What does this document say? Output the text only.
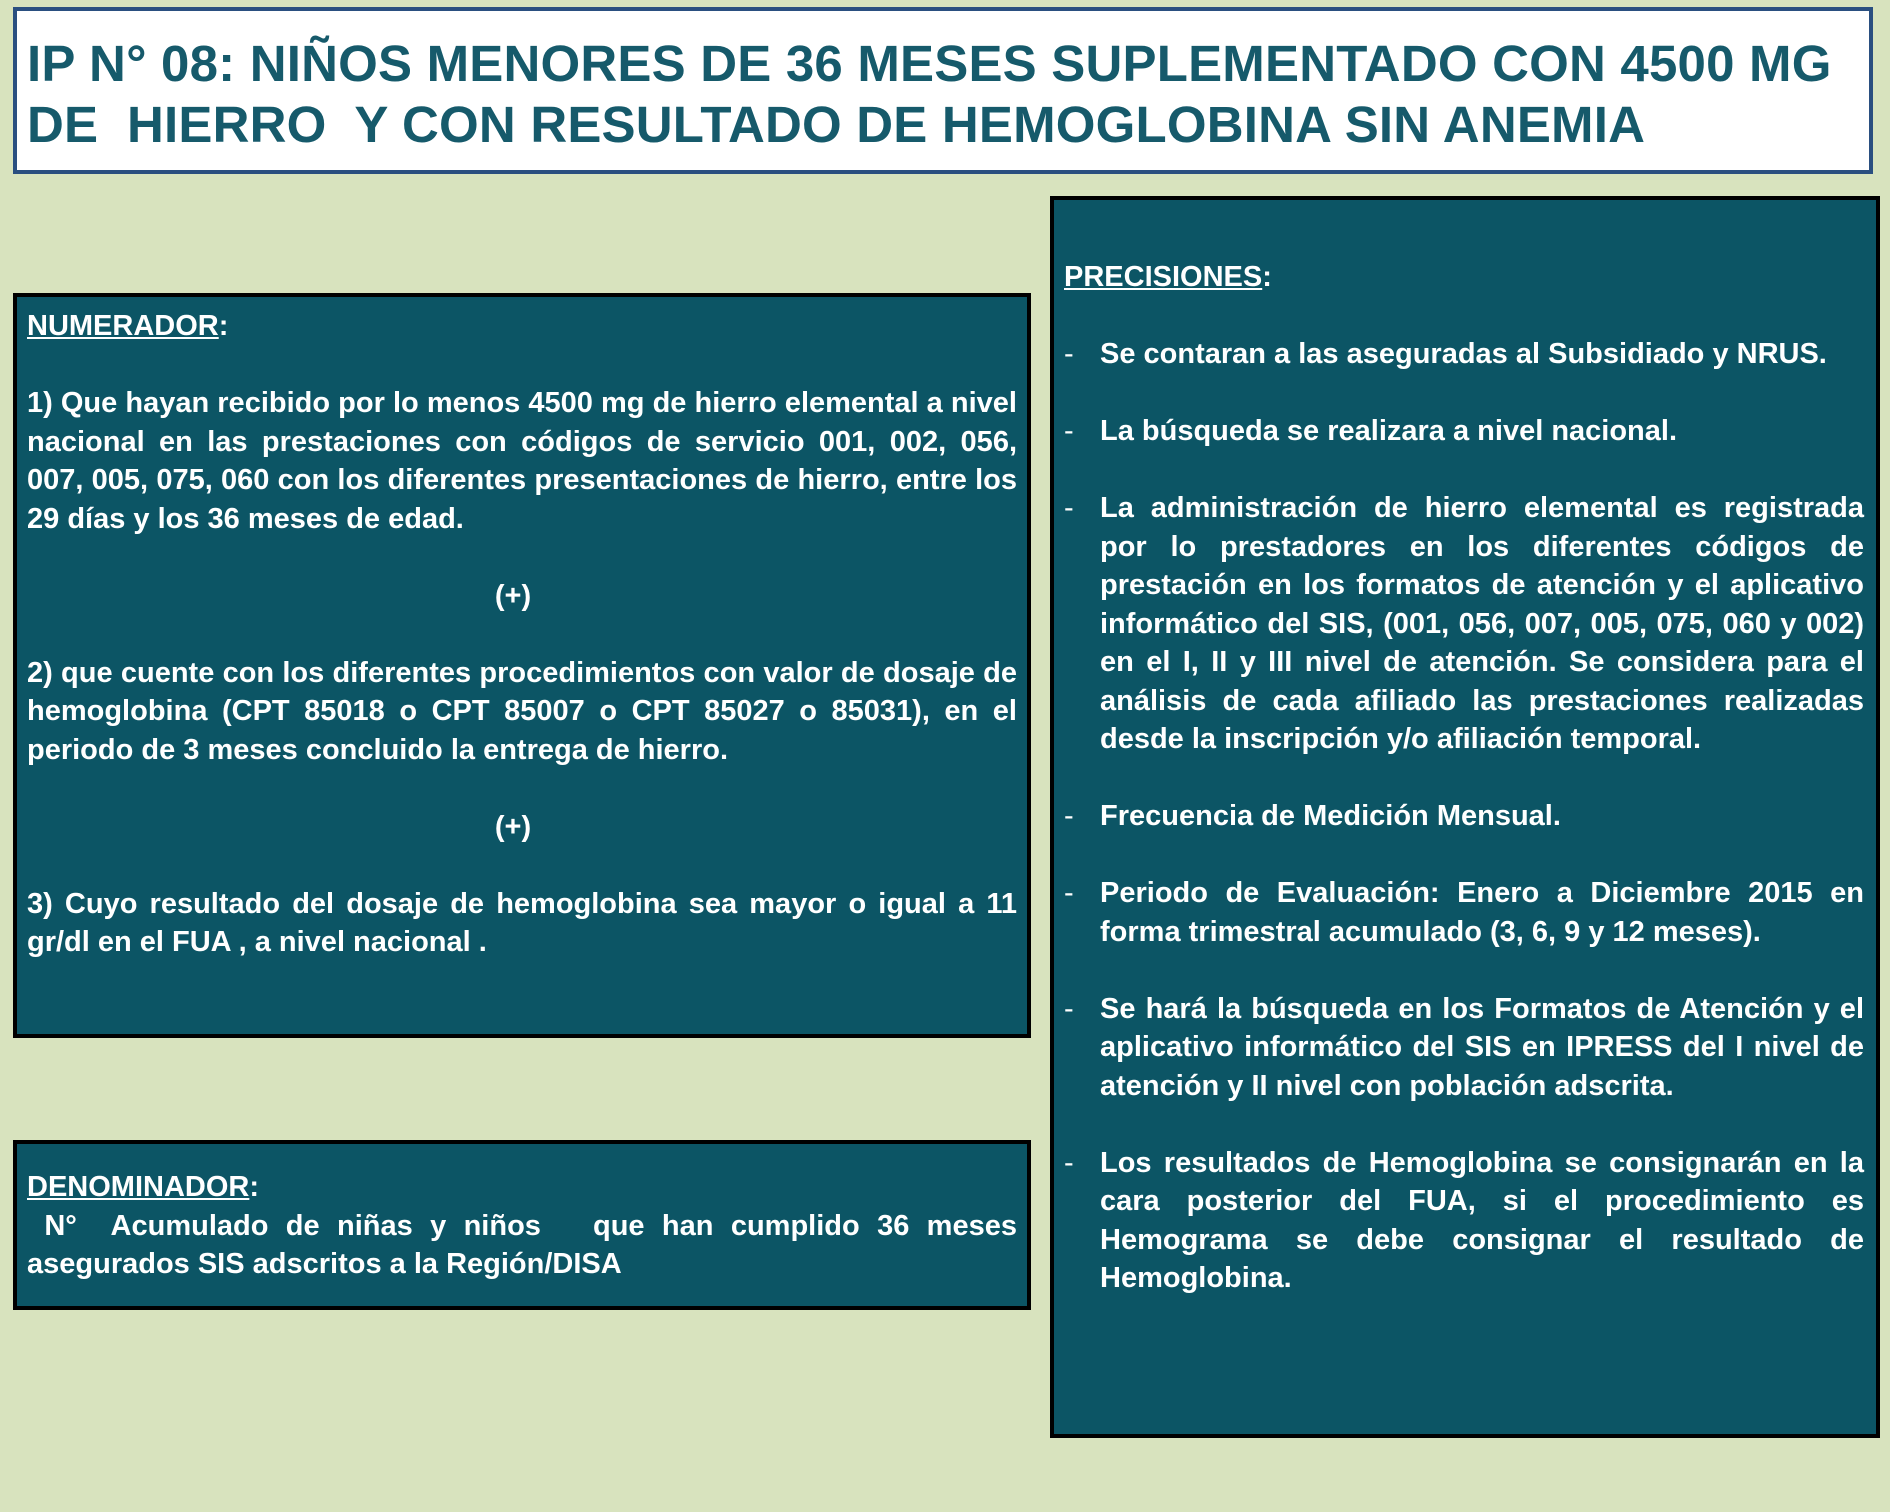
IP N° 08: NIÑOS MENORES DE 36 MESES SUPLEMENTADO CON 4500 MG DE  HIERRO  Y CON RESULTADO DE HEMOGLOBINA SIN ANEMIA

NUMERADOR:

1) Que hayan recibido por lo menos 4500 mg de hierro elemental a nivel nacional en las prestaciones con códigos de servicio 001, 002, 056, 007, 005, 075, 060 con los diferentes presentaciones de hierro, entre los 29 días y los 36 meses de edad.

(+)

2) que cuente con los diferentes procedimientos con valor de dosaje de hemoglobina (CPT 85018 o CPT 85007 o CPT 85027 o 85031), en el periodo de 3 meses concluido la entrega de hierro.

(+)

3) Cuyo resultado del dosaje de hemoglobina sea mayor o igual a 11 gr/dl en el FUA , a nivel nacional .

DENOMINADOR:

N°  Acumulado de niñas y niños   que han cumplido 36 meses asegurados SIS adscritos a la Región/DISA

PRECISIONES:

- Se contaran a las aseguradas al Subsidiado y NRUS.
- La búsqueda se realizara a nivel nacional.
- La administración de hierro elemental es registrada por lo prestadores en los diferentes códigos de prestación en los formatos de atención y el aplicativo informático del SIS, (001, 056, 007, 005, 075, 060 y 002) en el I, II y III nivel de atención. Se considera para el análisis de cada afiliado las prestaciones realizadas desde la inscripción y/o afiliación temporal.
- Frecuencia de Medición Mensual.
- Periodo de Evaluación: Enero a Diciembre 2015 en forma trimestral acumulado (3, 6, 9 y 12 meses).
- Se hará la búsqueda en los Formatos de Atención y el aplicativo informático del SIS en IPRESS del I nivel de atención y II nivel con población adscrita.
- Los resultados de Hemoglobina se consignarán en la cara posterior del FUA, si el procedimiento es Hemograma se debe consignar el resultado de Hemoglobina.
